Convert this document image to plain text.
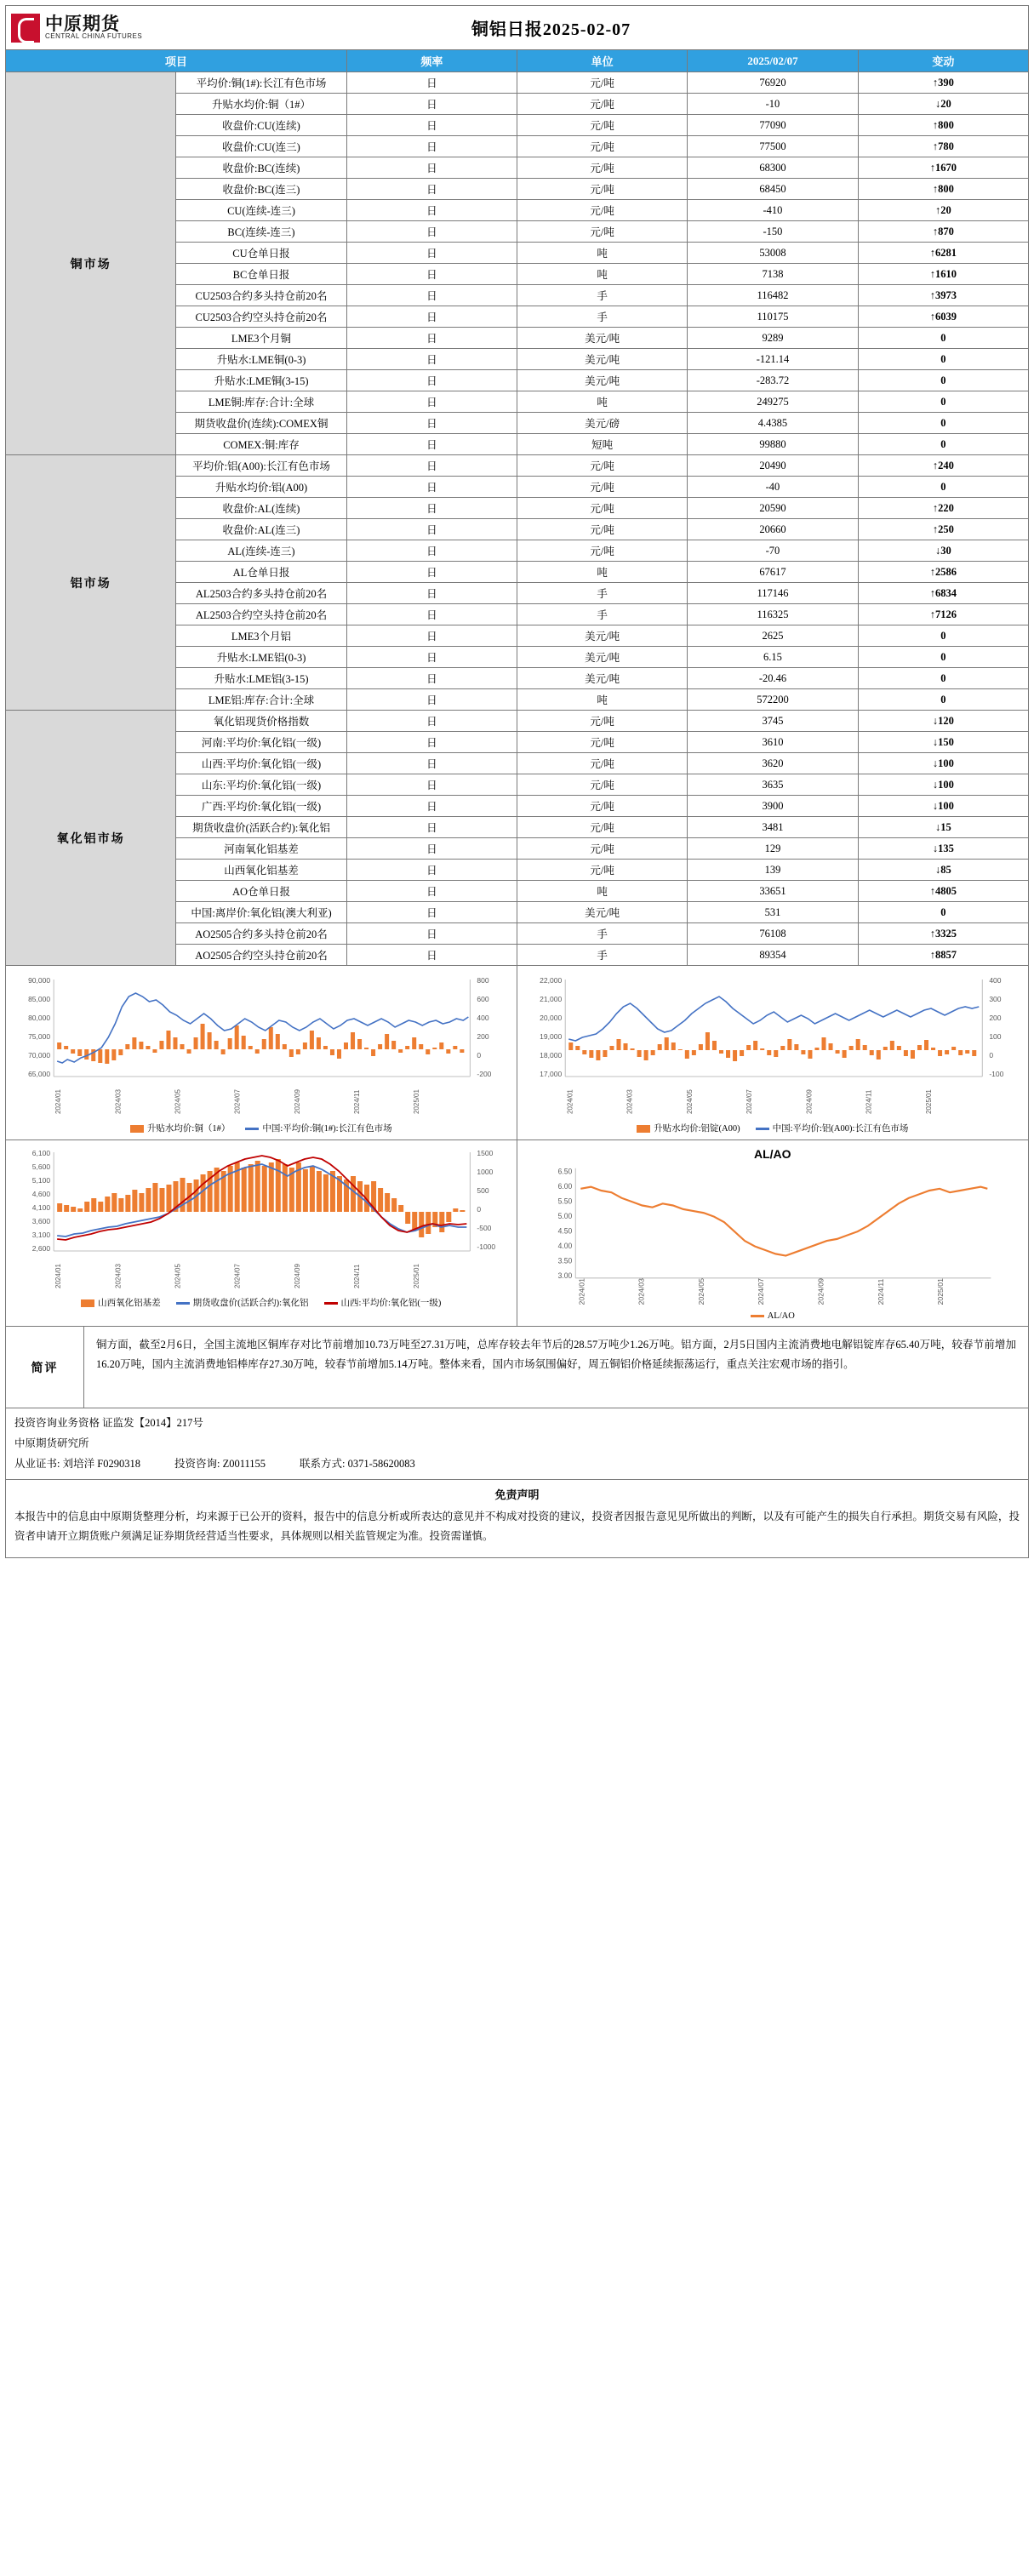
中原期货
CENTRAL CHINA FUTURES	铜铝日报2025-02-07
项目		频率	单位	2025/02/07	变动
铜市场	平均价:铜(1#):长江有色市场	日	元/吨	76920	↑390
	升贴水均价:铜（1#）	日	元/吨	-10	↓20
	收盘价:CU(连续)	日	元/吨	77090	↑800
	收盘价:CU(连三)	日	元/吨	77500	↑780
	收盘价:BC(连续)	日	元/吨	68300	↑1670
	收盘价:BC(连三)	日	元/吨	68450	↑800
	CU(连续-连三)	日	元/吨	-410	↑20
	BC(连续-连三)	日	元/吨	-150	↑870
	CU仓单日报	日	吨	53008	↑6281
	BC仓单日报	日	吨	7138	↑1610
	CU2503合约多头持仓前20名	日	手	116482	↑3973
	CU2503合约空头持仓前20名	日	手	110175	↑6039
	LME3个月铜	日	美元/吨	9289	0
	升贴水:LME铜(0-3)	日	美元/吨	-121.14	0
	升贴水:LME铜(3-15)	日	美元/吨	-283.72	0
	LME铜:库存:合计:全球	日	吨	249275	0
	期货收盘价(连续):COMEX铜	日	美元/磅	4.4385	0
	COMEX:铜:库存	日	短吨	99880	0
铝市场	平均价:铝(A00):长江有色市场	日	元/吨	20490	↑240
	升贴水均价:铝(A00)	日	元/吨	-40	0
	收盘价:AL(连续)	日	元/吨	20590	↑220
	收盘价:AL(连三)	日	元/吨	20660	↑250
	AL(连续-连三)	日	元/吨	-70	↓30
	AL仓单日报	日	吨	67617	↑2586
	AL2503合约多头持仓前20名	日	手	117146	↑6834
	AL2503合约空头持仓前20名	日	手	116325	↑7126
	LME3个月铝	日	美元/吨	2625	0
	升贴水:LME铝(0-3)	日	美元/吨	6.15	0
	升贴水:LME铝(3-15)	日	美元/吨	-20.46	0
	LME铝:库存:合计:全球	日	吨	572200	0
氧化铝市场	氧化铝现货价格指数	日	元/吨	3745	↓120
	河南:平均价:氧化铝(一级)	日	元/吨	3610	↓150
	山西:平均价:氧化铝(一级)	日	元/吨	3620	↓100
	山东:平均价:氧化铝(一级)	日	元/吨	3635	↓100
	广西:平均价:氧化铝(一级)	日	元/吨	3900	↓100
	期货收盘价(活跃合约):氧化铝	日	元/吨	3481	↓15
	河南氧化铝基差	日	元/吨	129	↓135
	山西氧化铝基差	日	元/吨	139	↓85
	AO仓单日报	日	吨	33651	↑4805
	中国:离岸价:氧化铝(澳大利亚)	日	美元/吨	531	0
	AO2505合约多头持仓前20名	日	手	76108	↑3325
	AO2505合约空头持仓前20名	日	手	89354	↑8857
90,000
85,000
80,000
75,000
70,000
65,000
800
600
400
200
0
-200
2024/01	2024/03	2024/05	2024/07	2024/09	2024/11	2025/01
升贴水均价:铜（1#）	中国:平均价:铜(1#):长江有色市场
22,000
21,000
20,000
19,000
18,000
17,000
400
300
200
100
0
-100
2024/01	2024/03	2024/05	2024/07	2024/09	2024/11	2025/01
升贴水均价:铝锭(A00)	中国:平均价:铝(A00):长江有色市场
6,100
5,600
5,100
4,600
4,100
3,600
3,100
2,600
1500
1000
500
0
-500
-1000
2024/01	2024/03	2024/05	2024/07	2024/09	2024/11	2025/01
山西氧化铝基差	期货收盘价(活跃合约):氧化铝	山西:平均价:氧化铝(一级)
AL/AO
6.50
6.00
5.50
5.00
4.50
4.00
3.50
3.00
2024/01	2024/03	2024/05	2024/07	2024/09	2024/11	2025/01
AL/AO
简评
铜方面，截至2月6日，全国主流地区铜库存对比节前增加10.73万吨至27.31万吨，总库存较去年节后的28.57万吨少1.26万吨。铝方面，2月5日国内主流消费地电解铝锭库存65.40万吨，较春节前增加16.20万吨，国内主流消费地铝棒库存27.30万吨，较春节前增加5.14万吨。整体来看，国内市场氛围偏好，周五铜铝价格延续振荡运行，重点关注宏观市场的指引。
投资咨询业务资格 证监发【2014】217号
中原期货研究所
从业证书: 刘培洋 F0290318	投资咨询: Z0011155	联系方式: 0371-58620083
免责声明
本报告中的信息由中原期货整理分析，均来源于已公开的资料，报告中的信息分析或所表达的意见并不构成对投资的建议，投资者因报告意见见所做出的判断，以及有可能产生的损失自行承担。期货交易有风险，投资者申请开立期货账户须满足证券期货经营适当性要求，具体规则以相关监管规定为准。投资需谨慎。
